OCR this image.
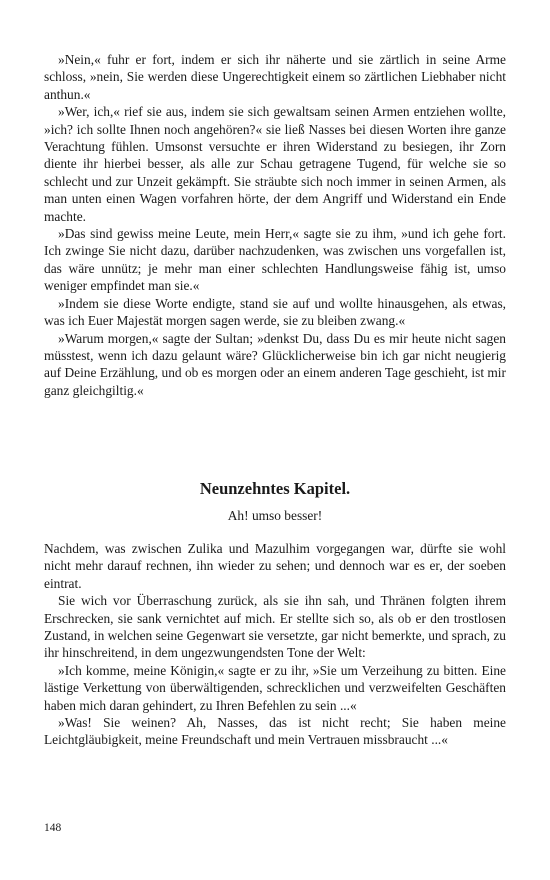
»Nein,« fuhr er fort, indem er sich ihr näherte und sie zärtlich in seine Arme schloss, »nein, Sie werden diese Ungerechtigkeit einem so zärtlichen Liebhaber nicht anthun.«

»Wer, ich,« rief sie aus, indem sie sich gewaltsam seinen Armen entziehen wollte, »ich? ich sollte Ihnen noch angehören?« sie ließ Nasses bei diesen Worten ihre ganze Verachtung fühlen. Umsonst versuchte er ihren Widerstand zu besiegen, ihr Zorn diente ihr hierbei besser, als alle zur Schau getragene Tugend, für welche sie so schlecht und zur Unzeit gekämpft. Sie sträubte sich noch immer in seinen Armen, als man unten einen Wagen vorfahren hörte, der dem Angriff und Widerstand ein Ende machte.

»Das sind gewiss meine Leute, mein Herr,« sagte sie zu ihm, »und ich gehe fort. Ich zwinge Sie nicht dazu, darüber nachzudenken, was zwischen uns vorgefallen ist, das wäre unnütz; je mehr man einer schlechten Handlungsweise fähig ist, umso weniger empfindet man sie.«

»Indem sie diese Worte endigte, stand sie auf und wollte hinausgehen, als etwas, was ich Euer Majestät morgen sagen werde, sie zu bleiben zwang.«

»Warum morgen,« sagte der Sultan; »denkst Du, dass Du es mir heute nicht sagen müsstest, wenn ich dazu gelaunt wäre? Glücklicherweise bin ich gar nicht neugierig auf Deine Erzählung, und ob es morgen oder an einem anderen Tage geschieht, ist mir ganz gleichgiltig.«

Neunzehntes Kapitel.
Ah! umso besser!

Nachdem, was zwischen Zulika und Mazulhim vorgegangen war, dürfte sie wohl nicht mehr darauf rechnen, ihn wieder zu sehen; und dennoch war es er, der soeben eintrat.

Sie wich vor Überraschung zurück, als sie ihn sah, und Thränen folgten ihrem Erschrecken, sie sank vernichtet auf mich. Er stellte sich so, als ob er den trostlosen Zustand, in welchen seine Gegenwart sie versetzte, gar nicht bemerkte, und sprach, zu ihr hinschreitend, in dem ungezwungendsten Tone der Welt:

»Ich komme, meine Königin,« sagte er zu ihr, »Sie um Verzeihung zu bitten. Eine lästige Verkettung von überwältigenden, schrecklichen und verzweifelten Geschäften haben mich daran gehindert, zu Ihren Befehlen zu sein ...«

»Was! Sie weinen? Ah, Nasses, das ist nicht recht; Sie haben meine Leichtgläubigkeit, meine Freundschaft und mein Vertrauen missbraucht ...«

148
